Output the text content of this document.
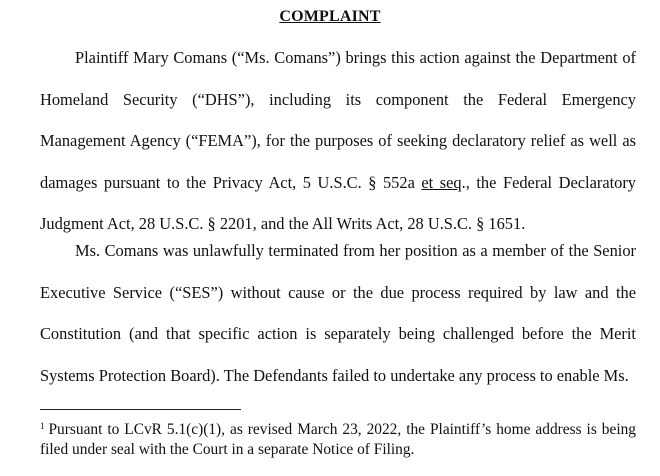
COMPLAINT

Plaintiff Mary Comans (“Ms. Comans”) brings this action against the Department of Homeland Security (“DHS”), including its component the Federal Emergency Management Agency (“FEMA”), for the purposes of seeking declaratory relief as well as damages pursuant to the Privacy Act, 5 U.S.C. § 552a et seq., the Federal Declaratory Judgment Act, 28 U.S.C. § 2201, and the All Writs Act, 28 U.S.C. § 1651.

Ms. Comans was unlawfully terminated from her position as a member of the Senior Executive Service (“SES”) without cause or the due process required by law and the Constitution (and that specific action is separately being challenged before the Merit Systems Protection Board). The Defendants failed to undertake any process to enable Ms.

$^1$ Pursuant to LCvR 5.1(c)(1), as revised March 23, 2022, the Plaintiff’s home address is being filed under seal with the Court in a separate Notice of Filing.
